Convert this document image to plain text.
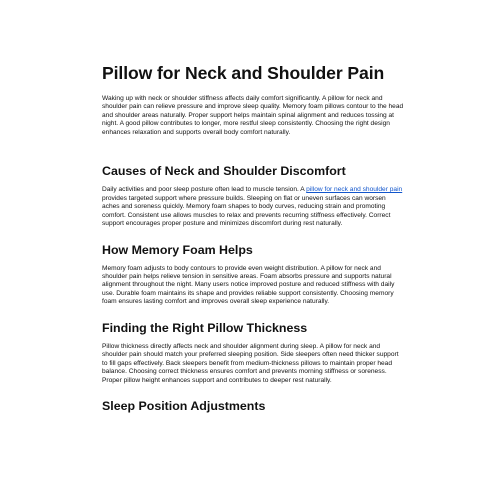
Pillow for Neck and Shoulder Pain

Waking up with neck or shoulder stiffness affects daily comfort significantly. A pillow for neck and shoulder pain can relieve pressure and improve sleep quality. Memory foam pillows contour to the head and shoulder areas naturally. Proper support helps maintain spinal alignment and reduces tossing at night. A good pillow contributes to longer, more restful sleep consistently. Choosing the right design enhances relaxation and supports overall body comfort naturally.

Causes of Neck and Shoulder Discomfort

Daily activities and poor sleep posture often lead to muscle tension. A pillow for neck and shoulder pain provides targeted support where pressure builds. Sleeping on flat or uneven surfaces can worsen aches and soreness quickly. Memory foam shapes to body curves, reducing strain and promoting comfort. Consistent use allows muscles to relax and prevents recurring stiffness effectively. Correct support encourages proper posture and minimizes discomfort during rest naturally.

How Memory Foam Helps

Memory foam adjusts to body contours to provide even weight distribution. A pillow for neck and shoulder pain helps relieve tension in sensitive areas. Foam absorbs pressure and supports natural alignment throughout the night. Many users notice improved posture and reduced stiffness with daily use. Durable foam maintains its shape and provides reliable support consistently. Choosing memory foam ensures lasting comfort and improves overall sleep experience naturally.

Finding the Right Pillow Thickness

Pillow thickness directly affects neck and shoulder alignment during sleep. A pillow for neck and shoulder pain should match your preferred sleeping position. Side sleepers often need thicker support to fill gaps effectively. Back sleepers benefit from medium-thickness pillows to maintain proper head balance. Choosing correct thickness ensures comfort and prevents morning stiffness or soreness. Proper pillow height enhances support and contributes to deeper rest naturally.

Sleep Position Adjustments
